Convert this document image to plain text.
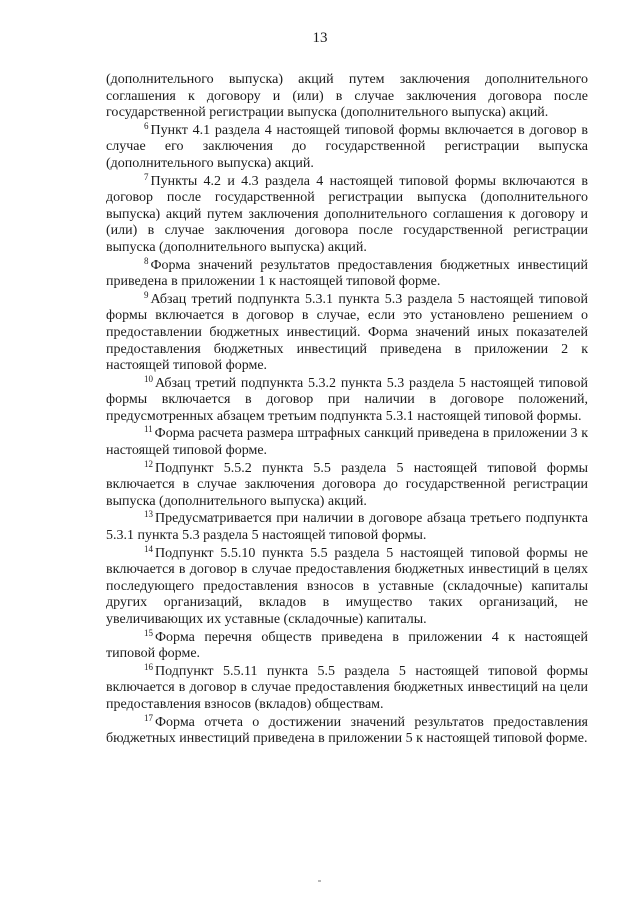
13

(дополнительного выпуска) акций путем заключения дополнительного соглашения к договору и (или) в случае заключения договора после государственной регистрации выпуска (дополнительного выпуска) акций.

$^6$ Пункт 4.1 раздела 4 настоящей типовой формы включается в договор в случае его заключения до государственной регистрации выпуска (дополнительного выпуска) акций.

$^7$ Пункты 4.2 и 4.3 раздела 4 настоящей типовой формы включаются в договор после государственной регистрации выпуска (дополнительного выпуска) акций путем заключения дополнительного соглашения к договору и (или) в случае заключения договора после государственной регистрации выпуска (дополнительного выпуска) акций.

$^8$ Форма значений результатов предоставления бюджетных инвестиций приведена в приложении 1 к настоящей типовой форме.

$^9$ Абзац третий подпункта 5.3.1 пункта 5.3 раздела 5 настоящей типовой формы включается в договор в случае, если это установлено решением о предоставлении бюджетных инвестиций. Форма значений иных показателей предоставления бюджетных инвестиций приведена в приложении 2 к настоящей типовой форме.

$^{10}$ Абзац третий подпункта 5.3.2 пункта 5.3 раздела 5 настоящей типовой формы включается в договор при наличии в договоре положений, предусмотренных абзацем третьим подпункта 5.3.1 настоящей типовой формы.

$^{11}$ Форма расчета размера штрафных санкций приведена в приложении 3 к настоящей типовой форме.

$^{12}$ Подпункт 5.5.2 пункта 5.5 раздела 5 настоящей типовой формы включается в случае заключения договора до государственной регистрации выпуска (дополнительного выпуска) акций.

$^{13}$ Предусматривается при наличии в договоре абзаца третьего подпункта 5.3.1 пункта 5.3 раздела 5 настоящей типовой формы.

$^{14}$ Подпункт 5.5.10 пункта 5.5 раздела 5 настоящей типовой формы не включается в договор в случае предоставления бюджетных инвестиций в целях последующего предоставления взносов в уставные (складочные) капиталы других организаций, вкладов в имущество таких организаций, не увеличивающих их уставные (складочные) капиталы.

$^{15}$ Форма перечня обществ приведена в приложении 4 к настоящей типовой форме.

$^{16}$ Подпункт 5.5.11 пункта 5.5 раздела 5 настоящей типовой формы включается в договор в случае предоставления бюджетных инвестиций на цели предоставления взносов (вкладов) обществам.

$^{17}$ Форма отчета о достижении значений результатов предоставления бюджетных инвестиций приведена в приложении 5 к настоящей типовой форме.
